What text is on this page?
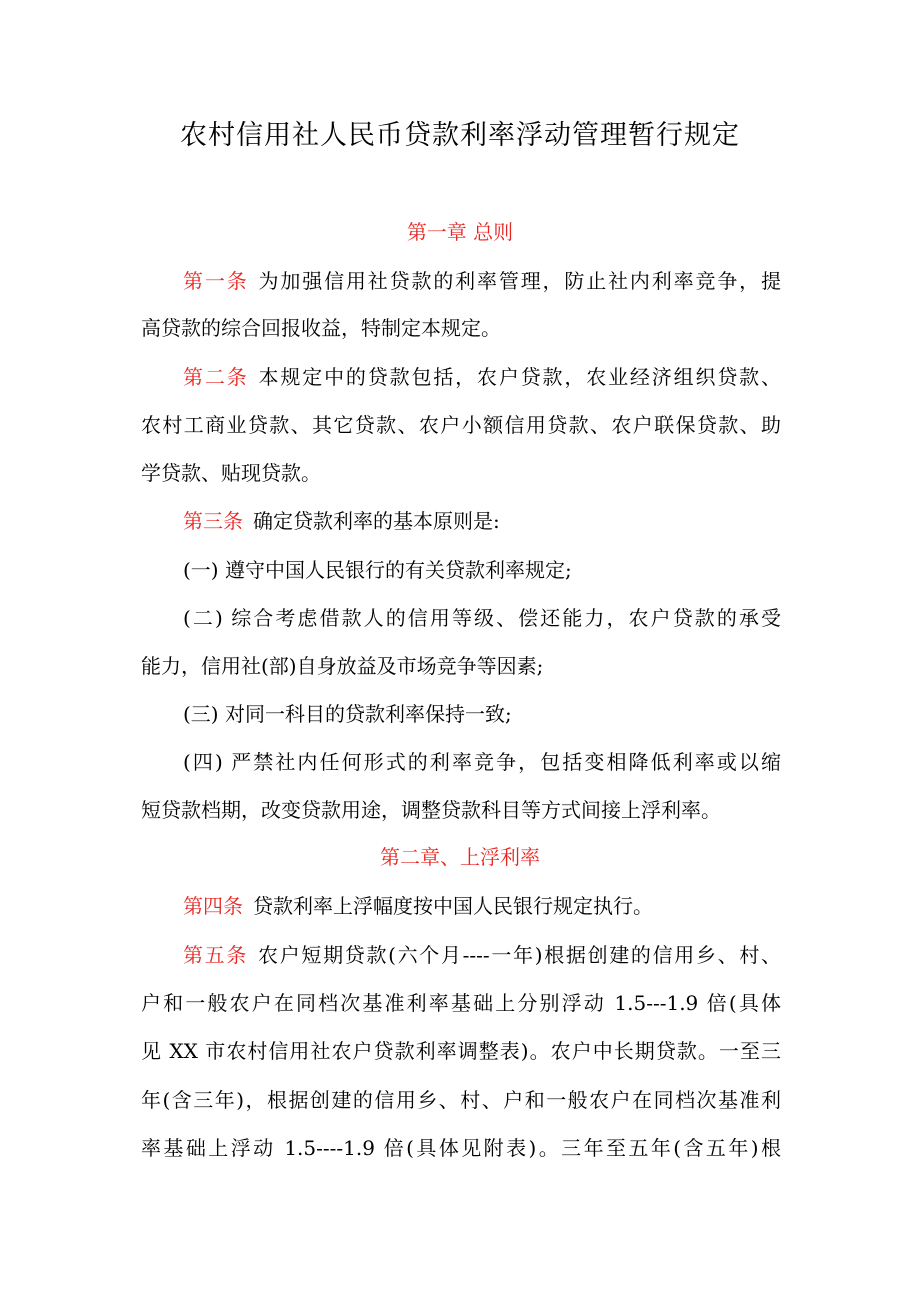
农村信用社人民币贷款利率浮动管理暂行规定
第一章 总则
第一条 为加强信用社贷款的利率管理，防止社内利率竞争，提
高贷款的综合回报收益，特制定本规定。
第二条 本规定中的贷款包括，农户贷款，农业经济组织贷款、
农村工商业贷款、其它贷款、农户小额信用贷款、农户联保贷款、助
学贷款、贴现贷款。
第三条 确定贷款利率的基本原则是:
(一) 遵守中国人民银行的有关贷款利率规定;
(二) 综合考虑借款人的信用等级、偿还能力，农户贷款的承受
能力，信用社(部)自身放益及市场竞争等因素;
(三) 对同一科目的贷款利率保持一致;
(四) 严禁社内任何形式的利率竞争，包括变相降低利率或以缩
短贷款档期，改变贷款用途，调整贷款科目等方式间接上浮利率。
第二章、上浮利率
第四条 贷款利率上浮幅度按中国人民银行规定执行。
第五条 农户短期贷款(六个月----一年)根据创建的信用乡、村、
户和一般农户在同档次基准利率基础上分别浮动 1.5---1.9 倍(具体
见 XX 市农村信用社农户贷款利率调整表)。农户中长期贷款。一至三
年(含三年)，根据创建的信用乡、村、户和一般农户在同档次基准利
率基础上浮动 1.5----1.9 倍(具体见附表)。三年至五年(含五年)根
